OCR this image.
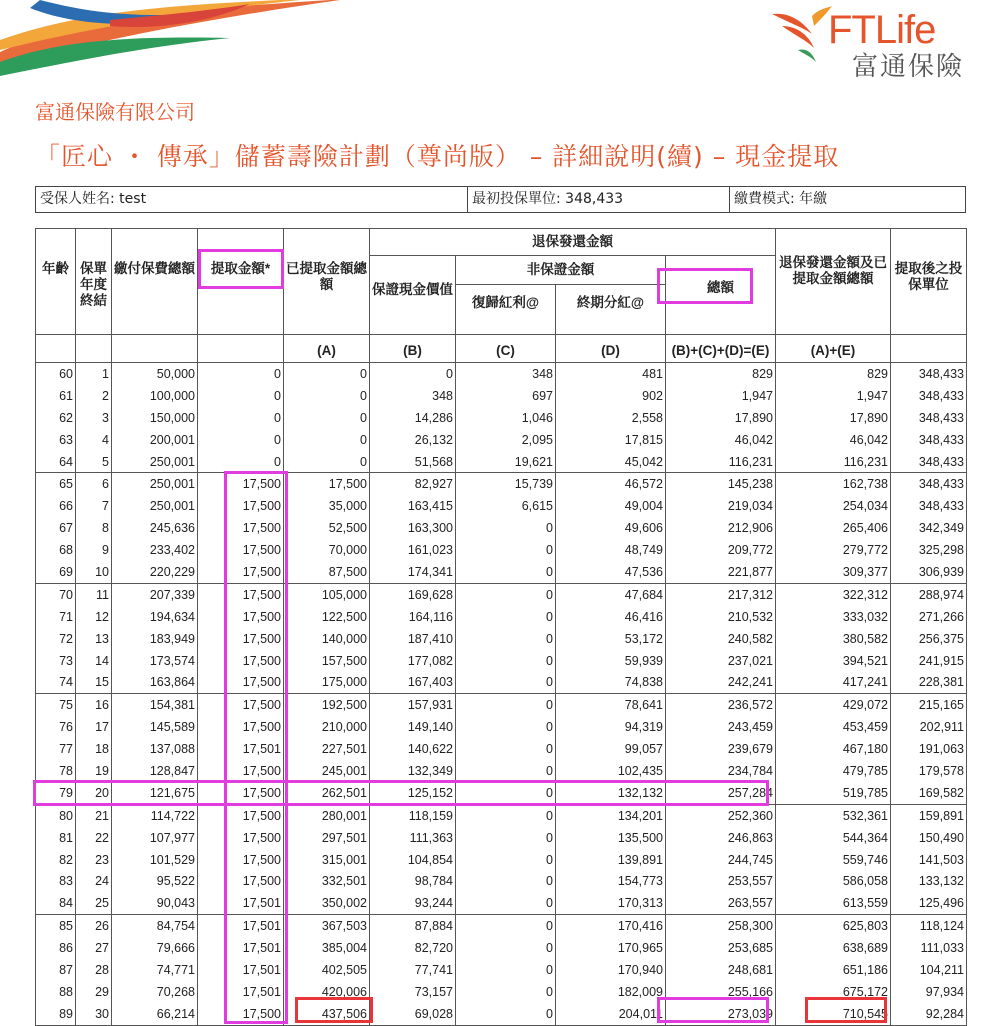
FTLife
富通保險
富通保險有限公司
「匠心 ・ 傳承」儲蓄壽險計劃（尊尚版） – 詳細說明(續) – 現金提取
受保人姓名: test	最初投保單位: 348,433	繳費模式: 年繳
年齡	保單年度終結	繳付保費總額	提取金額*	已提取金額總額	退保發還金額				退保發還金額及已提取金額總額	提取後之投保單位
					保證現金價值	非保證金額		總額		
						復歸紅利@	終期分紅@			
				(A)	(B)	(C)	(D)	(B)+(C)+(D)=(E)	(A)+(E)	
60	1	50,000	0	0	0	348	481	829	829	348,433
61	2	100,000	0	0	348	697	902	1,947	1,947	348,433
62	3	150,000	0	0	14,286	1,046	2,558	17,890	17,890	348,433
63	4	200,001	0	0	26,132	2,095	17,815	46,042	46,042	348,433
64	5	250,001	0	0	51,568	19,621	45,042	116,231	116,231	348,433
65	6	250,001	17,500	17,500	82,927	15,739	46,572	145,238	162,738	348,433
66	7	250,001	17,500	35,000	163,415	6,615	49,004	219,034	254,034	348,433
67	8	245,636	17,500	52,500	163,300	0	49,606	212,906	265,406	342,349
68	9	233,402	17,500	70,000	161,023	0	48,749	209,772	279,772	325,298
69	10	220,229	17,500	87,500	174,341	0	47,536	221,877	309,377	306,939
70	11	207,339	17,500	105,000	169,628	0	47,684	217,312	322,312	288,974
71	12	194,634	17,500	122,500	164,116	0	46,416	210,532	333,032	271,266
72	13	183,949	17,500	140,000	187,410	0	53,172	240,582	380,582	256,375
73	14	173,574	17,500	157,500	177,082	0	59,939	237,021	394,521	241,915
74	15	163,864	17,500	175,000	167,403	0	74,838	242,241	417,241	228,381
75	16	154,381	17,500	192,500	157,931	0	78,641	236,572	429,072	215,165
76	17	145,589	17,500	210,000	149,140	0	94,319	243,459	453,459	202,911
77	18	137,088	17,501	227,501	140,622	0	99,057	239,679	467,180	191,063
78	19	128,847	17,500	245,001	132,349	0	102,435	234,784	479,785	179,578
79	20	121,675	17,500	262,501	125,152	0	132,132	257,284	519,785	169,582
80	21	114,722	17,500	280,001	118,159	0	134,201	252,360	532,361	159,891
81	22	107,977	17,500	297,501	111,363	0	135,500	246,863	544,364	150,490
82	23	101,529	17,500	315,001	104,854	0	139,891	244,745	559,746	141,503
83	24	95,522	17,500	332,501	98,784	0	154,773	253,557	586,058	133,132
84	25	90,043	17,501	350,002	93,244	0	170,313	263,557	613,559	125,496
85	26	84,754	17,501	367,503	87,884	0	170,416	258,300	625,803	118,124
86	27	79,666	17,501	385,004	82,720	0	170,965	253,685	638,689	111,033
87	28	74,771	17,501	402,505	77,741	0	170,940	248,681	651,186	104,211
88	29	70,268	17,501	420,006	73,157	0	182,009	255,166	675,172	97,934
89	30	66,214	17,500	437,506	69,028	0	204,011	273,039	710,545	92,284
